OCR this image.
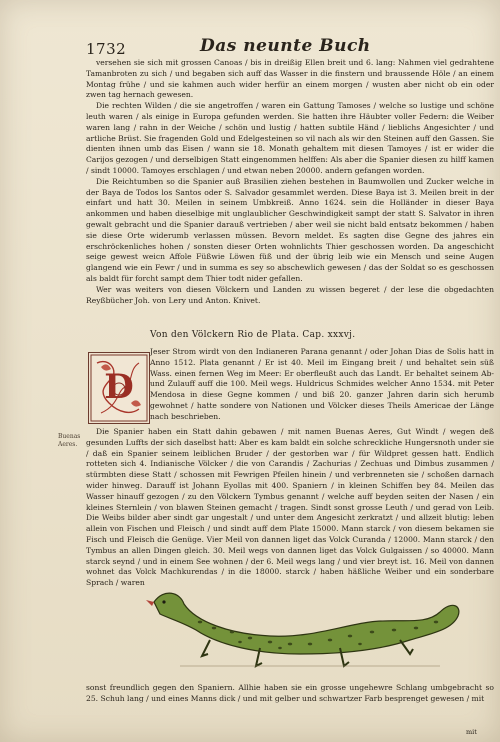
1732	Das neunte Buch

versehen sie sich mit grossen Canoas / bis in dreißig Ellen breit und 6. lang: Nahmen viel gedrahtene Tamanbroten zu sich / und begaben sich auff das Wasser in die finstern und braussende Höle / an einem Montag frühe / und sie kahmen auch wider herfür an einem morgen / wusten aber nicht ob ein oder zwen tag hernach gewesen.

Die rechten Wilden / die sie angetroffen / waren ein Gattung Tamoses / welche so lustige und schöne leuth waren / als einige in Europa gefunden werden. Sie hatten ihre Häubter voller Federn: die Weiber waren lang / rahn in der Weiche / schön und lustig / hatten subtile Händ / lieblichs Angesichter / und artliche Brüst. Sie fragenden Gold und Edelgesteinen so vil nach als wir den Steinen auff den Gassen. Sie dienten ihnen umb das Eisen / wann sie 18. Monath gehaltem mit diesen Tamoyes / ist er wider die Carijos gezogen / und derselbigen Statt eingenommen helffen: Als aber die Spanier diesen zu hilff kamen / sindt 10000. Tamoyes erschlagen / und etwan neben 20000. andern gefangen worden.

Die Reichtumben so die Spanier auß Brasilien ziehen bestehen in Baumwollen und Zucker welche in der Baya de Todos los Santos oder S. Salvador gesammlet werden. Diese Baya ist 3. Meilen breit in der einfart und hatt 30. Meilen in seinem Umbkreiß. Anno 1624. sein die Holländer in dieser Baya ankommen und haben dieselbige mit unglaublicher Geschwindigkeit sampt der statt S. Salvator in ihren gewalt gebracht und die Spanier darauß vertrieben / aber weil sie nicht bald entsatz bekommen / haben sie diese Orte widerumb verlassen müssen. Bevorn meldet. Es sagten dise Gegne des jahres ein erschröckenliches hohen / sonsten dieser Orten wohnlichts Thier geschossen worden. Da angeschicht seige gewest weicn Affole Füßwie Löwen füß und der übrig leib wie ein Mensch und seine Augen glangend wie ein Fewr / und in summa es sey so abschewlich gewesen / das der Soldat so es geschossen als baldt für forcht sampt dem Thier todt nider gefallen.

Wer was weiters von diesen Völckern und Landen zu wissen begeret / der lese die obgedachten Reyßbücher Joh. von Lery und Anton. Knivet.

Von den Völckern Rio de Plata. Cap. xxxvj.
D

Jeser Strom wirdt von den Indianeren Parana genannt / oder Johan Dias de Solis hatt in Anno 1512. Plata genannt / Er ist 40. Meil im Eingang breit / und behaltet sein süß Wass. einen fernen Weg im Meer: Er oberfleußt auch das Landt. Er behaltet seinem Ab- und Zulauff auff die 100. Meil wegs. Huldricus Schmides welcher Anno 1534. mit Peter Mendosa in diese Gegne kommen / und biß 20. ganzer Jahren darin sich herumb gewohnet / hatte sondere von Nationen und Völcker dieses Theils Americae der Länge nach beschrieben.

Buenas Aeres.

Die Spanier haben ein Statt dahin gebawen / mit namen Buenas Aeres, Gut Windt / wegen deß gesunden Luffts der sich daselbst hatt: Aber es kam baldt ein solche schreckliche Hungersnoth under sie / daß ein Spanier seinem leiblichen Bruder / der gestorben war / für Wildpret gessen hatt. Endlich rotteten sich 4. Indianische Völcker / die von Carandis / Zachurias / Zechuas und Dimbus zusammen / stürmbten diese Statt / schossen mit Fewrigen Pfeilen hinein / und verbrenneten sie / schoßen darnach wider hinweg. Darauff ist Johann Eyollas mit 400. Spaniern / in kleinen Schiffen bey 84. Meilen das Wasser hinauff gezogen / zu den Völckern Tymbus genannt / welche auff beyden seiten der Nasen / ein kleines Sternlein / von blawen Steinen gemacht / tragen. Sindt sonst grosse Leuth / und gerad von Leib. Die Weibs bilder aber sindt gar ungestalt / und unter dem Angesicht zerkratzt / und allzeit blutig: leben allein von Fischen und Fleisch / und sindt auff dem Plate 15000. Mann starck / von diesem bekamen sie Fisch und Fleisch die Genüge. Vier Meil von dannen liget das Volck Curanda / 12000. Mann starck / den Tymbus an allen Dingen gleich. 30. Meil wegs von dannen liget das Volck Gulgaissen / so 40000. Mann starck seynd / und in einem See wohnen / der 6. Meil wegs lang / und vier breyt ist. 16. Meil von dannen wohnet das Volck Machkurendas / in die 18000. starck / haben häßliche Weiber und ein sonderbare Sprach / waren

sonst freundlich gegen den Spaniern. Allhie haben sie ein grosse ungehewre Schlang umbgebracht so 25. Schuh lang / und eines Manns dick / und mit gelber und schwartzer Farb besprenget gewesen / mit

mit
